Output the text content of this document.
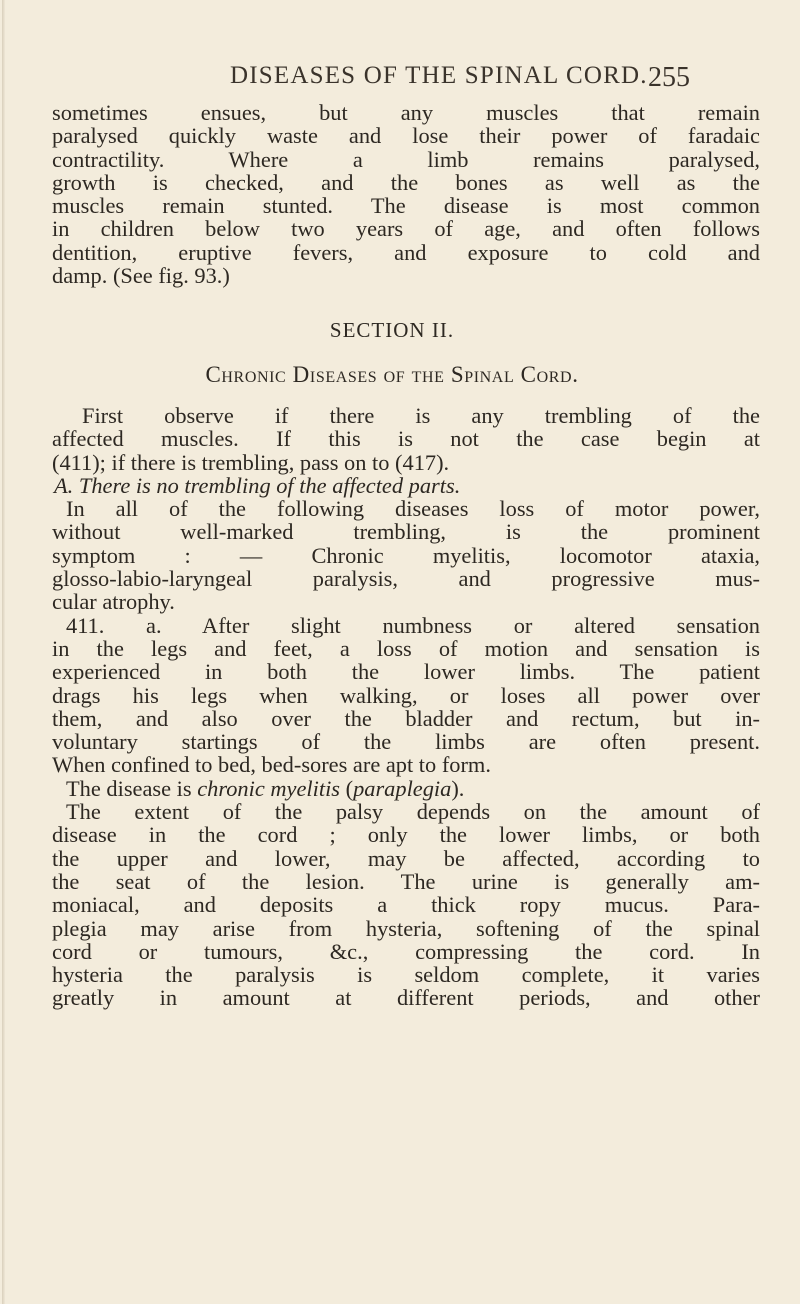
DISEASES OF THE SPINAL CORD. 255
sometimes ensues, but any muscles that remain
paralysed quickly waste and lose their power of faradaic
contractility. Where a limb remains paralysed,
growth is checked, and the bones as well as the
muscles remain stunted. The disease is most common
in children below two years of age, and often follows
dentition, eruptive fevers, and exposure to cold and
damp. (See fig. 93.)
SECTION II.
Chronic Diseases of the Spinal Cord.
First observe if there is any trembling of the
affected muscles. If this is not the case begin at
(411); if there is trembling, pass on to (417).
A. There is no trembling of the affected parts.
In all of the following diseases loss of motor power,
without well-marked trembling, is the prominent
symptom : — Chronic myelitis, locomotor ataxia,
glosso-labio-laryngeal paralysis, and progressive mus-
cular atrophy.
411. a. After slight numbness or altered sensation
in the legs and feet, a loss of motion and sensation is
experienced in both the lower limbs. The patient
drags his legs when walking, or loses all power over
them, and also over the bladder and rectum, but in-
voluntary startings of the limbs are often present.
When confined to bed, bed-sores are apt to form.
The disease is chronic myelitis (paraplegia).
The extent of the palsy depends on the amount of
disease in the cord ; only the lower limbs, or both
the upper and lower, may be affected, according to
the seat of the lesion. The urine is generally am-
moniacal, and deposits a thick ropy mucus. Para-
plegia may arise from hysteria, softening of the spinal
cord or tumours, &c., compressing the cord. In
hysteria the paralysis is seldom complete, it varies
greatly in amount at different periods, and other
